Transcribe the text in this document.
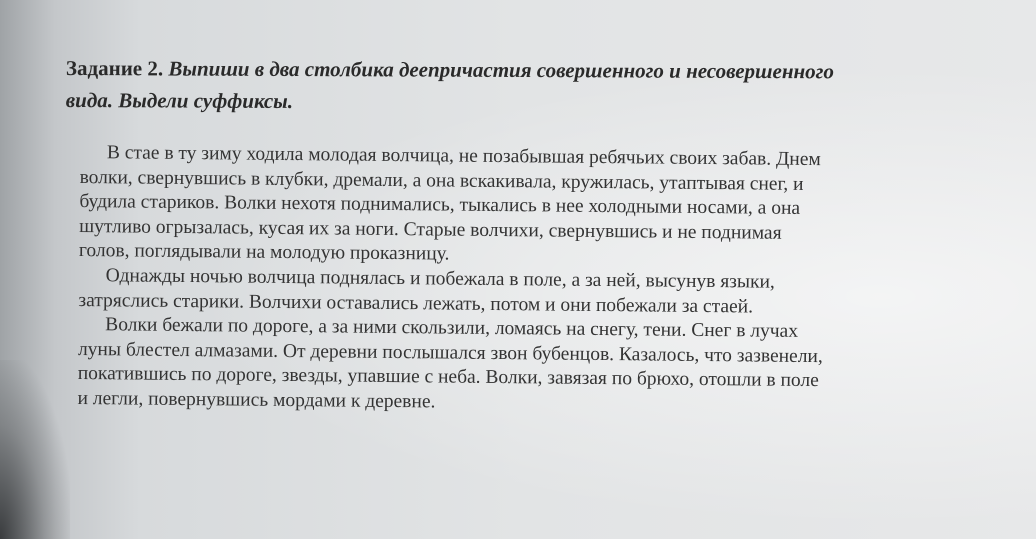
Задание 2. Выпиши в два столбика деепричастия совершенного и несовершенного
вида. Выдели суффиксы.
В стае в ту зиму ходила молодая волчица, не позабывшая ребячьих своих забав. Днем
волки, свернувшись в клубки, дремали, а она вскакивала, кружилась, утаптывая снег, и
будила стариков. Волки нехотя поднимались, тыкались в нее холодными носами, а она
шутливо огрызалась, кусая их за ноги. Старые волчихи, свернувшись и не поднимая
голов, поглядывали на молодую проказницу.
Однажды ночью волчица поднялась и побежала в поле, а за ней, высунув языки,
затряслись старики. Волчихи оставались лежать, потом и они побежали за стаей.
Волки бежали по дороге, а за ними скользили, ломаясь на снегу, тени. Снег в лучах
луны блестел алмазами. От деревни послышался звон бубенцов. Казалось, что зазвенели,
покатившись по дороге, звезды, упавшие с неба. Волки, завязая по брюхо, отошли в поле
и легли, повернувшись мордами к деревне.
